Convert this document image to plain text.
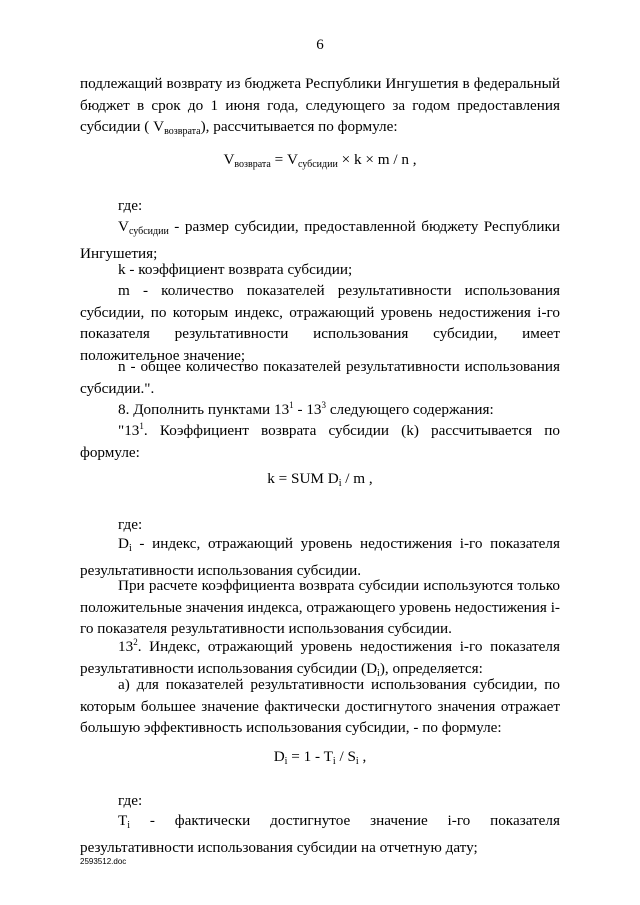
6

подлежащий возврату из бюджета Республики Ингушетия в федеральный бюджет в срок до 1 июня года, следующего за годом предоставления субсидии ( $V_{возврата}$), рассчитывается по формуле:

$V_{возврата} = V_{субсидии} \times k \times m / n$ ,

где:

$V_{субсидии}$ - размер субсидии, предоставленной бюджету Республики Ингушетия;

k - коэффициент возврата субсидии;

m - количество показателей результативности использования субсидии, по которым индекс, отражающий уровень недостижения i-го показателя результативности использования субсидии, имеет положительное значение;

n - общее количество показателей результативности использования субсидии.".

8. Дополнить пунктами $13^1 - 13^3$ следующего содержания:

"$13^1$. Коэффициент возврата субсидии (k) рассчитывается по формуле:

k = SUM $D_i$ / m ,

где:

$D_i$ - индекс, отражающий уровень недостижения i-го показателя результативности использования субсидии.

При расчете коэффициента возврата субсидии используются только положительные значения индекса, отражающего уровень недостижения i-го показателя результативности использования субсидии.

$13^2$. Индекс, отражающий уровень недостижения i-го показателя результативности использования субсидии $(D_i)$, определяется:

а) для показателей результативности использования субсидии, по которым большее значение фактически достигнутого значения отражает большую эффективность использования субсидии, - по формуле:

$D_i = 1 - T_i / S_i$ ,

где:

$T_i$ - фактически достигнутое значение i-го показателя результативности использования субсидии на отчетную дату;

2593512.doc
